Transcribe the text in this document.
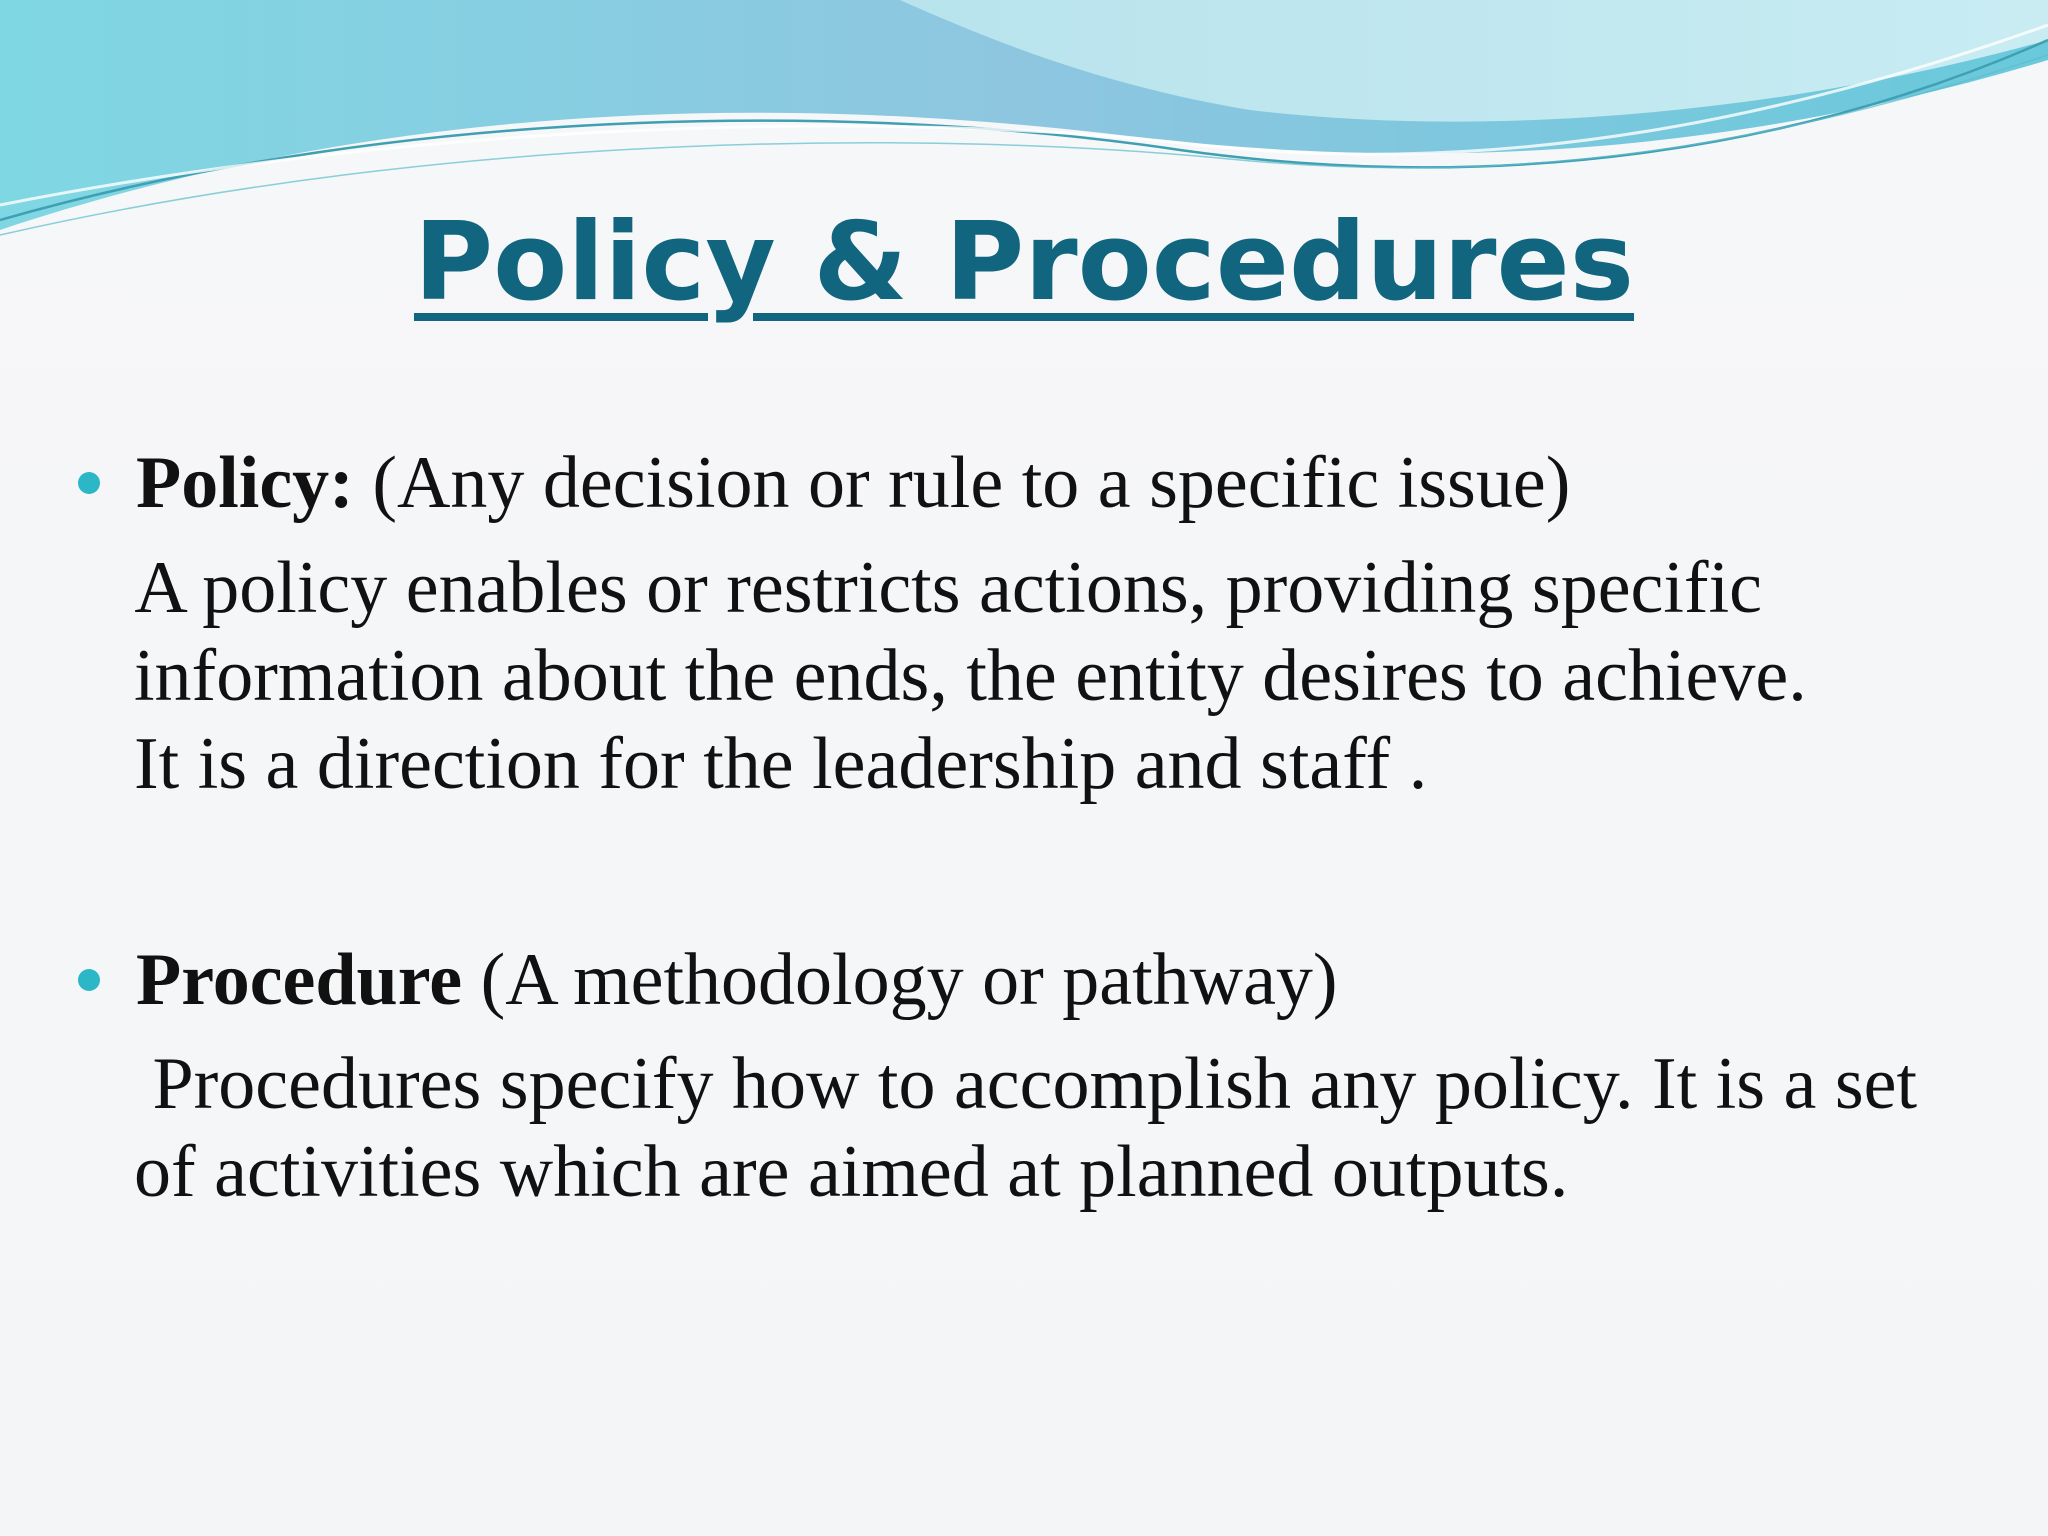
Policy & Procedures
Policy: (Any decision or rule to a specific issue)
A policy enables or restricts actions, providing specific
information about the ends, the entity desires to achieve.
It is a direction for the leadership and staff .
Procedure (A methodology or pathway)
Procedures specify how to accomplish any policy. It is a set
of activities which are aimed at planned outputs.
